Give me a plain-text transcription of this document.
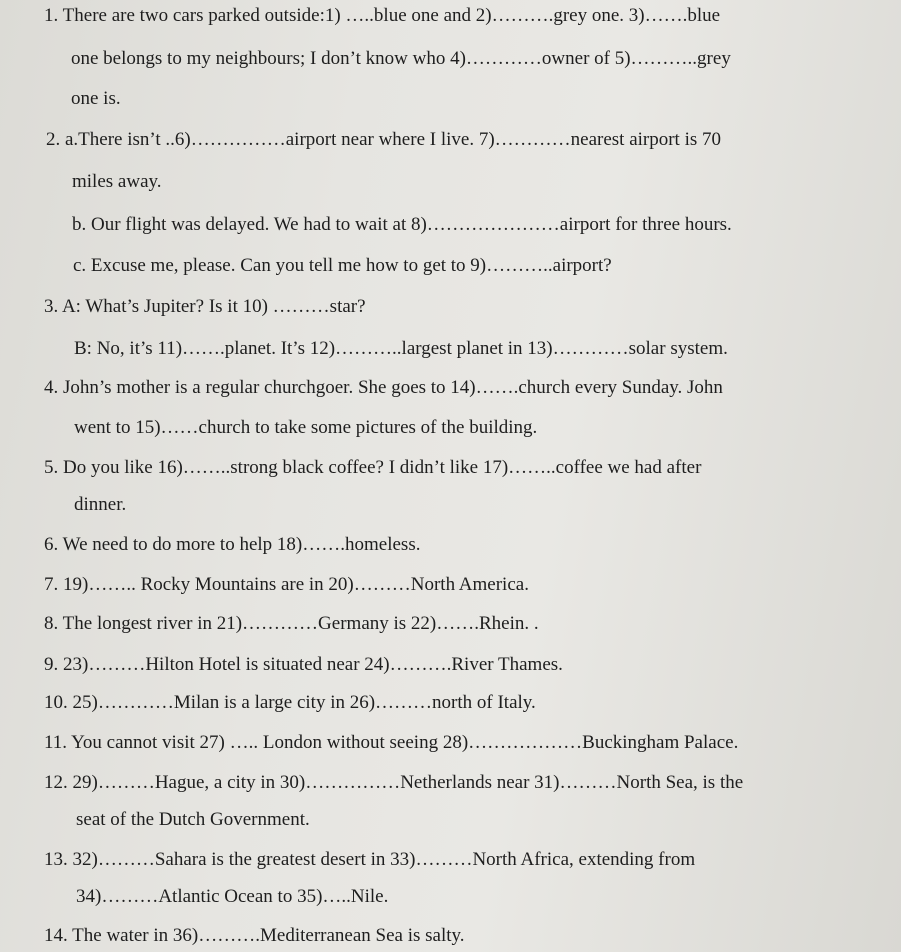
1. There are two cars parked outside:1) …..blue one and 2)……….grey one. 3)…….blue
one belongs to my neighbours; I don’t know who 4)…………owner of 5)………..grey
one is.
2. a.There isn’t ..6)……………airport near where I live. 7)…………nearest airport is 70
miles away.
b. Our flight was delayed. We had to wait at 8)…………………airport for three hours.
c. Excuse me, please. Can you tell me how to get to 9)………..airport?
3. A: What’s Jupiter? Is it 10) ………star?
B: No, it’s 11)…….planet. It’s 12)………..largest planet in 13)…………solar system.
4. John’s mother is a regular churchgoer. She goes to 14)…….church every Sunday. John
went to 15)……church to take some pictures of the building.
5. Do you like 16)……..strong black coffee? I didn’t like 17)……..coffee we had after
dinner.
6. We need to do more to help 18)…….homeless.
7. 19)…….. Rocky Mountains are in 20)………North America.
8. The longest river in 21)…………Germany is 22)…….Rhein. .
9. 23)………Hilton Hotel is situated near 24)……….River Thames.
10. 25)…………Milan is a large city in 26)………north of Italy.
11. You cannot visit 27) ….. London without seeing 28)………………Buckingham Palace.
12. 29)………Hague, a city in 30)……………Netherlands near 31)………North Sea, is the
seat of the Dutch Government.
13. 32)………Sahara is the greatest desert in 33)………North Africa, extending from
34)………Atlantic Ocean to 35)…..Nile.
14. The water in 36)……….Mediterranean Sea is salty.
